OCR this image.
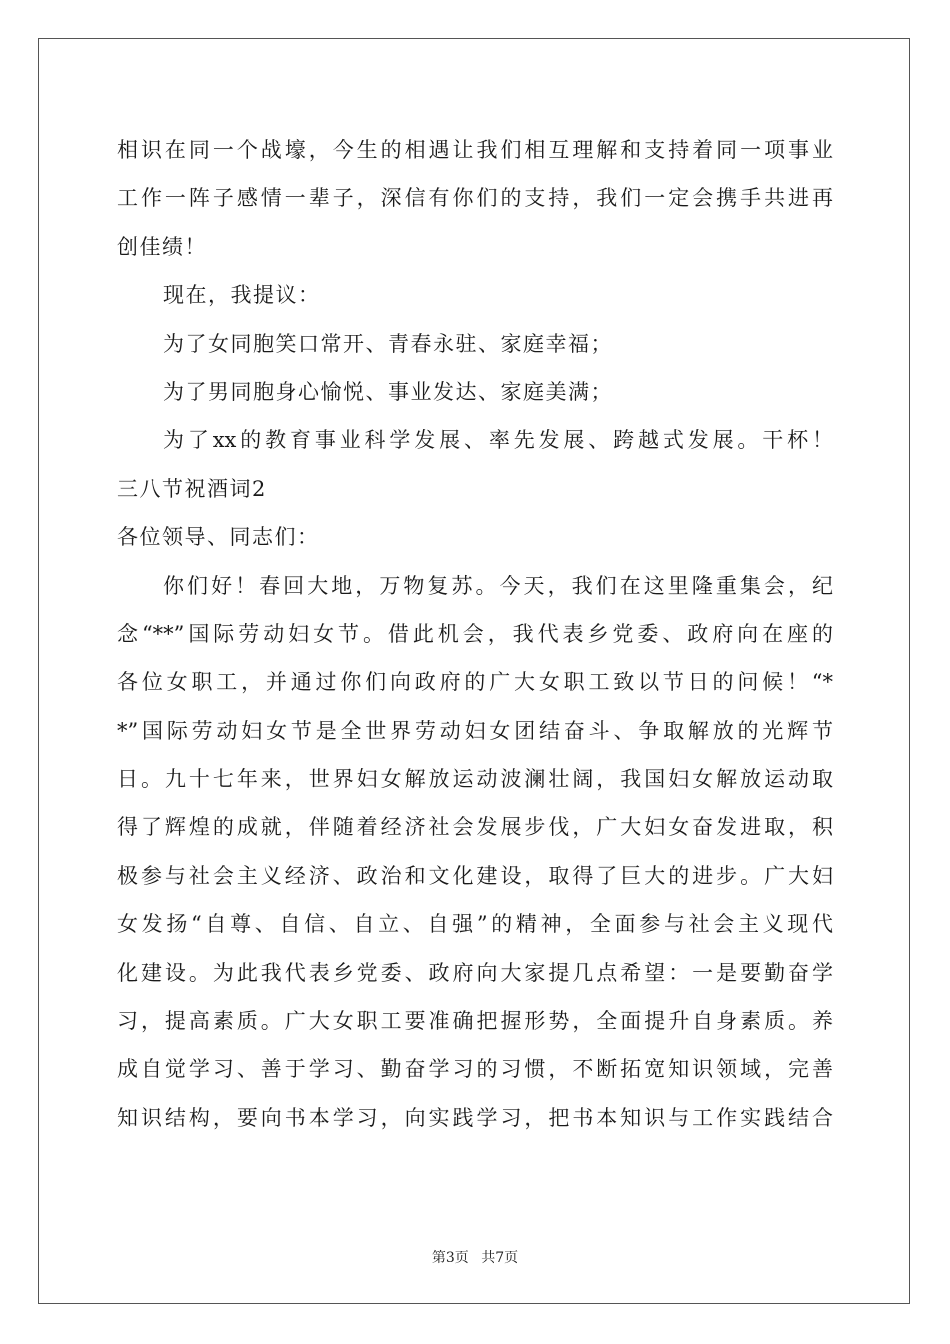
相识在同一个战壕，今生的相遇让我们相互理解和支持着同一项事业
工作一阵子感情一辈子，深信有你们的支持，我们一定会携手共进再
创佳绩！
现在，我提议：
为了女同胞笑口常开、青春永驻、家庭幸福；
为了男同胞身心愉悦、事业发达、家庭美满；
为了xx的教育事业科学发展、率先发展、跨越式发展。干杯！
三八节祝酒词2
各位领导、同志们：
你们好！春回大地，万物复苏。今天，我们在这里隆重集会，纪
念“**”国际劳动妇女节。借此机会，我代表乡党委、政府向在座的
各位女职工，并通过你们向政府的广大女职工致以节日的问候！“*
*”国际劳动妇女节是全世界劳动妇女团结奋斗、争取解放的光辉节
日。九十七年来，世界妇女解放运动波澜壮阔，我国妇女解放运动取
得了辉煌的成就，伴随着经济社会发展步伐，广大妇女奋发进取，积
极参与社会主义经济、政治和文化建设，取得了巨大的进步。广大妇
女发扬“自尊、自信、自立、自强”的精神，全面参与社会主义现代
化建设。为此我代表乡党委、政府向大家提几点希望：一是要勤奋学
习，提高素质。广大女职工要准确把握形势，全面提升自身素质。养
成自觉学习、善于学习、勤奋学习的习惯，不断拓宽知识领域，完善
知识结构，要向书本学习，向实践学习，把书本知识与工作实践结合
第3页 共7页
